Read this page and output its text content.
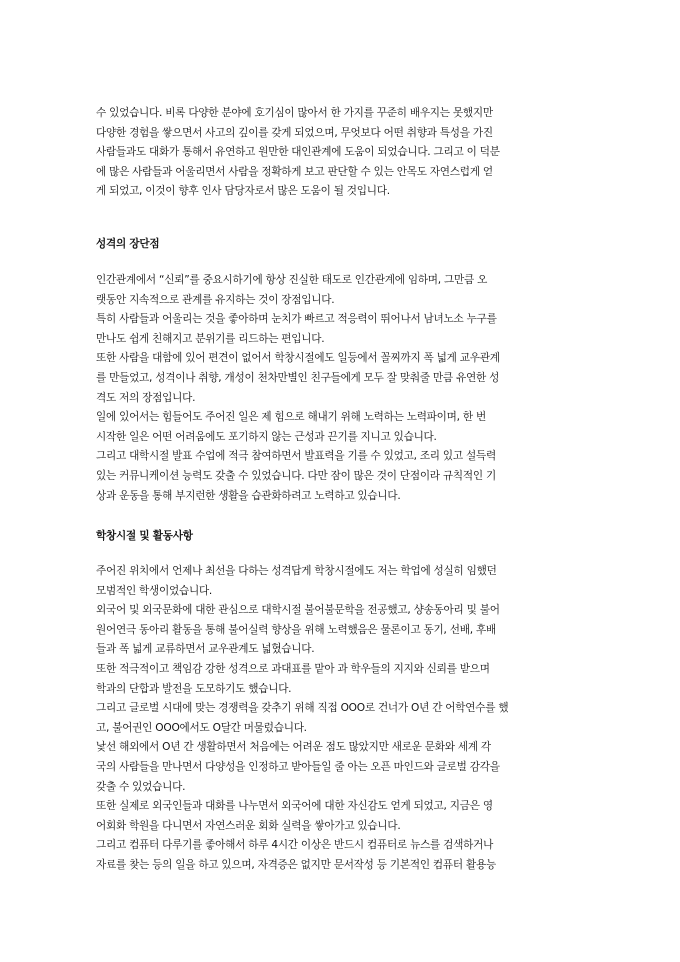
수 있었습니다. 비록 다양한 분야에 호기심이 많아서 한 가지를 꾸준히 배우지는 못했지만
다양한 경험을 쌓으면서 사고의 깊이를 갖게 되었으며, 무엇보다 어떤 취향과 특성을 가진
사람들과도 대화가 통해서 유연하고 원만한 대인관계에 도움이 되었습니다. 그리고 이 덕분
에 많은 사람들과 어울리면서 사람을 정확하게 보고 판단할 수 있는 안목도 자연스럽게 얻
게 되었고, 이것이 향후 인사 담당자로서 많은 도움이 될 것입니다.
성격의 장단점
인간관계에서 “신뢰”를 중요시하기에 항상 진실한 태도로 인간관계에 임하며, 그만큼 오
랫동안 지속적으로 관계를 유지하는 것이 장점입니다.
특히 사람들과 어울리는 것을 좋아하며 눈치가 빠르고 적응력이 뛰어나서 남녀노소 누구를
만나도 쉽게 친해지고 분위기를 리드하는 편입니다.
또한 사람을 대함에 있어 편견이 없어서 학창시절에도 일등에서 꼴찌까지 폭 넓게 교우관계
를 만들었고, 성격이나 취향, 개성이 천차만별인 친구들에게 모두 잘 맞춰줄 만큼 유연한 성
격도 저의 장점입니다.
일에 있어서는 힘들어도 주어진 일은 제 힘으로 해내기 위해 노력하는 노력파이며, 한 번
시작한 일은 어떤 어려움에도 포기하지 않는 근성과 끈기를 지니고 있습니다.
그리고 대학시절 발표 수업에 적극 참여하면서 발표력을 기를 수 있었고, 조리 있고 설득력
있는 커뮤니케이션 능력도 갖출 수 있었습니다. 다만 잠이 많은 것이 단점이라 규칙적인 기
상과 운동을 통해 부지런한 생활을 습관화하려고 노력하고 있습니다.
학창시절 및 활동사항
주어진 위치에서 언제나 최선을 다하는 성격답게 학창시절에도 저는 학업에 성실히 임했던
모범적인 학생이었습니다.
외국어 및 외국문화에 대한 관심으로 대학시절 불어불문학을 전공했고, 샹송동아리 및 불어
원어연극 동아리 활동을 통해 불어실력 향상을 위해 노력했음은 물론이고 동기, 선배, 후배
들과 폭 넓게 교류하면서 교우관계도 넓혔습니다.
또한 적극적이고 책임감 강한 성격으로 과대표를 맡아 과 학우들의 지지와 신뢰를 받으며
학과의 단합과 발전을 도모하기도 했습니다.
그리고 글로벌 시대에 맞는 경쟁력을 갖추기 위해 직접 OOO로 건너가 O년 간 어학연수를 했
고, 불어권인 OOO에서도 O달간 머물렀습니다.
낯선 해외에서 O년 간 생활하면서 처음에는 어려운 점도 많았지만 새로운 문화와 세계 각
국의 사람들을 만나면서 다양성을 인정하고 받아들일 줄 아는 오픈 마인드와 글로벌 감각을
갖출 수 있었습니다.
또한 실제로 외국인들과 대화를 나누면서 외국어에 대한 자신감도 얻게 되었고, 지금은 영
어회화 학원을 다니면서 자연스러운 회화 실력을 쌓아가고 있습니다.
그리고 컴퓨터 다루기를 좋아해서 하루 4시간 이상은 반드시 컴퓨터로 뉴스를 검색하거나
자료를 찾는 등의 일을 하고 있으며, 자격증은 없지만 문서작성 등 기본적인 컴퓨터 활용능
